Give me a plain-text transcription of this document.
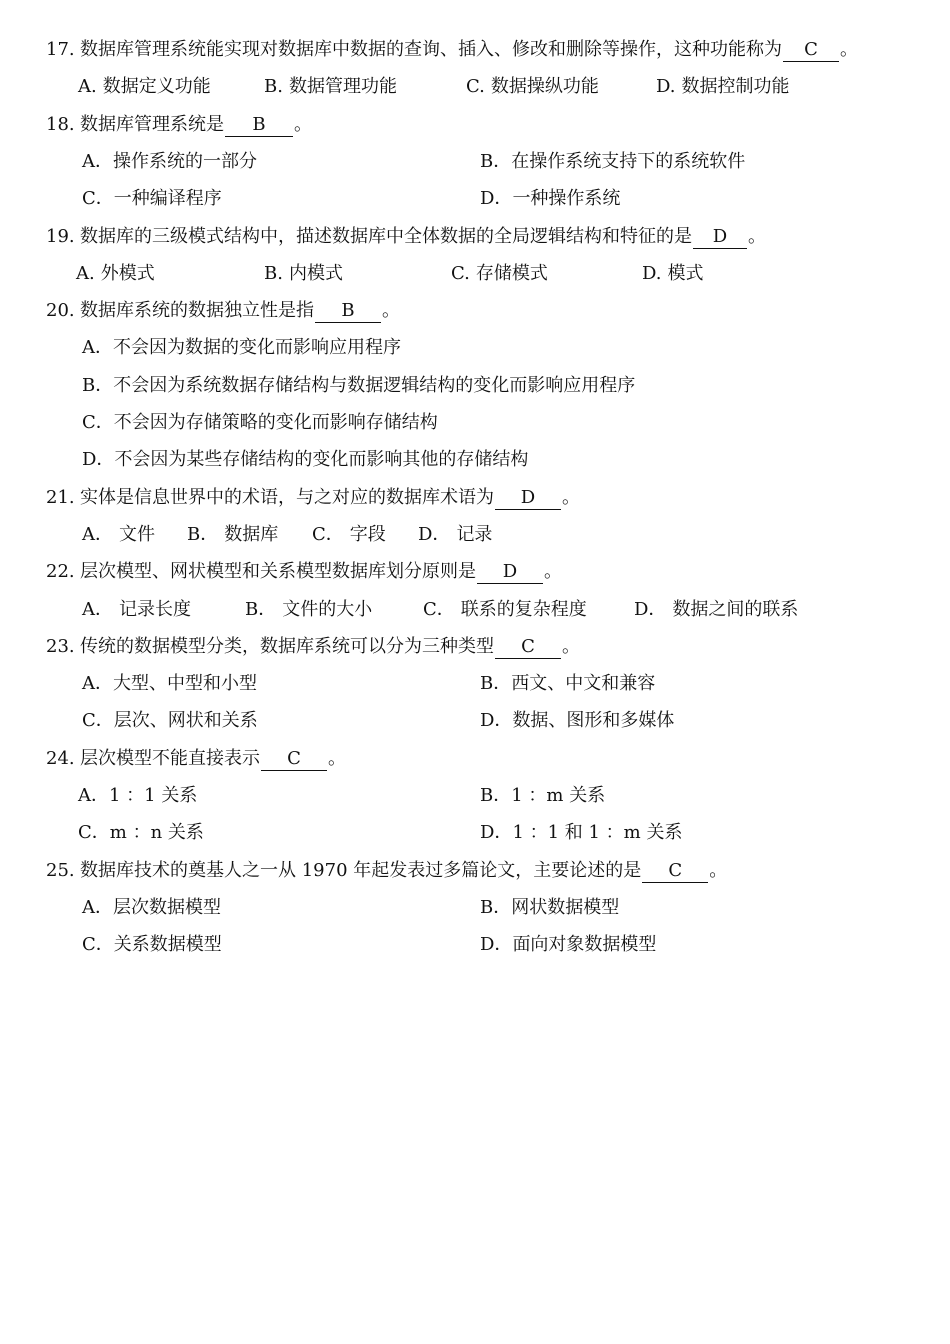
17. 数据库管理系统能实现对数据库中数据的查询、插入、修改和删除等操作，这种功能称为 C 。
A. 数据定义功能	B. 数据管理功能	C. 数据操纵功能	D. 数据控制功能
18. 数据库管理系统是 B 。
A．操作系统的一部分	B．在操作系统支持下的系统软件
C．一种编译程序	D．一种操作系统
19. 数据库的三级模式结构中，描述数据库中全体数据的全局逻辑结构和特征的是 D 。
A. 外模式	B. 内模式	C. 存储模式	D. 模式
20. 数据库系统的数据独立性是指 B 。
A．不会因为数据的变化而影响应用程序
B．不会因为系统数据存储结构与数据逻辑结构的变化而影响应用程序
C．不会因为存储策略的变化而影响存储结构
D．不会因为某些存储结构的变化而影响其他的存储结构
21. 实体是信息世界中的术语，与之对应的数据库术语为 D 。
A． 文件 B． 数据库 C． 字段 D． 记录
22. 层次模型、网状模型和关系模型数据库划分原则是 D 。
A． 记录长度	B． 文件的大小	C． 联系的复杂程度	D． 数据之间的联系
23. 传统的数据模型分类，数据库系统可以分为三种类型 C 。
A．大型、中型和小型	B．西文、中文和兼容
C．层次、网状和关系	D．数据、图形和多媒体
24. 层次模型不能直接表示 C 。
A．1 ：1 关系	B．1 ：m 关系
C．m ：n 关系	D．1 ：1 和 1 ：m 关系
25. 数据库技术的奠基人之一从 1970 年起发表过多篇论文，主要论述的是 C 。
A．层次数据模型	B．网状数据模型
C．关系数据模型	D．面向对象数据模型
